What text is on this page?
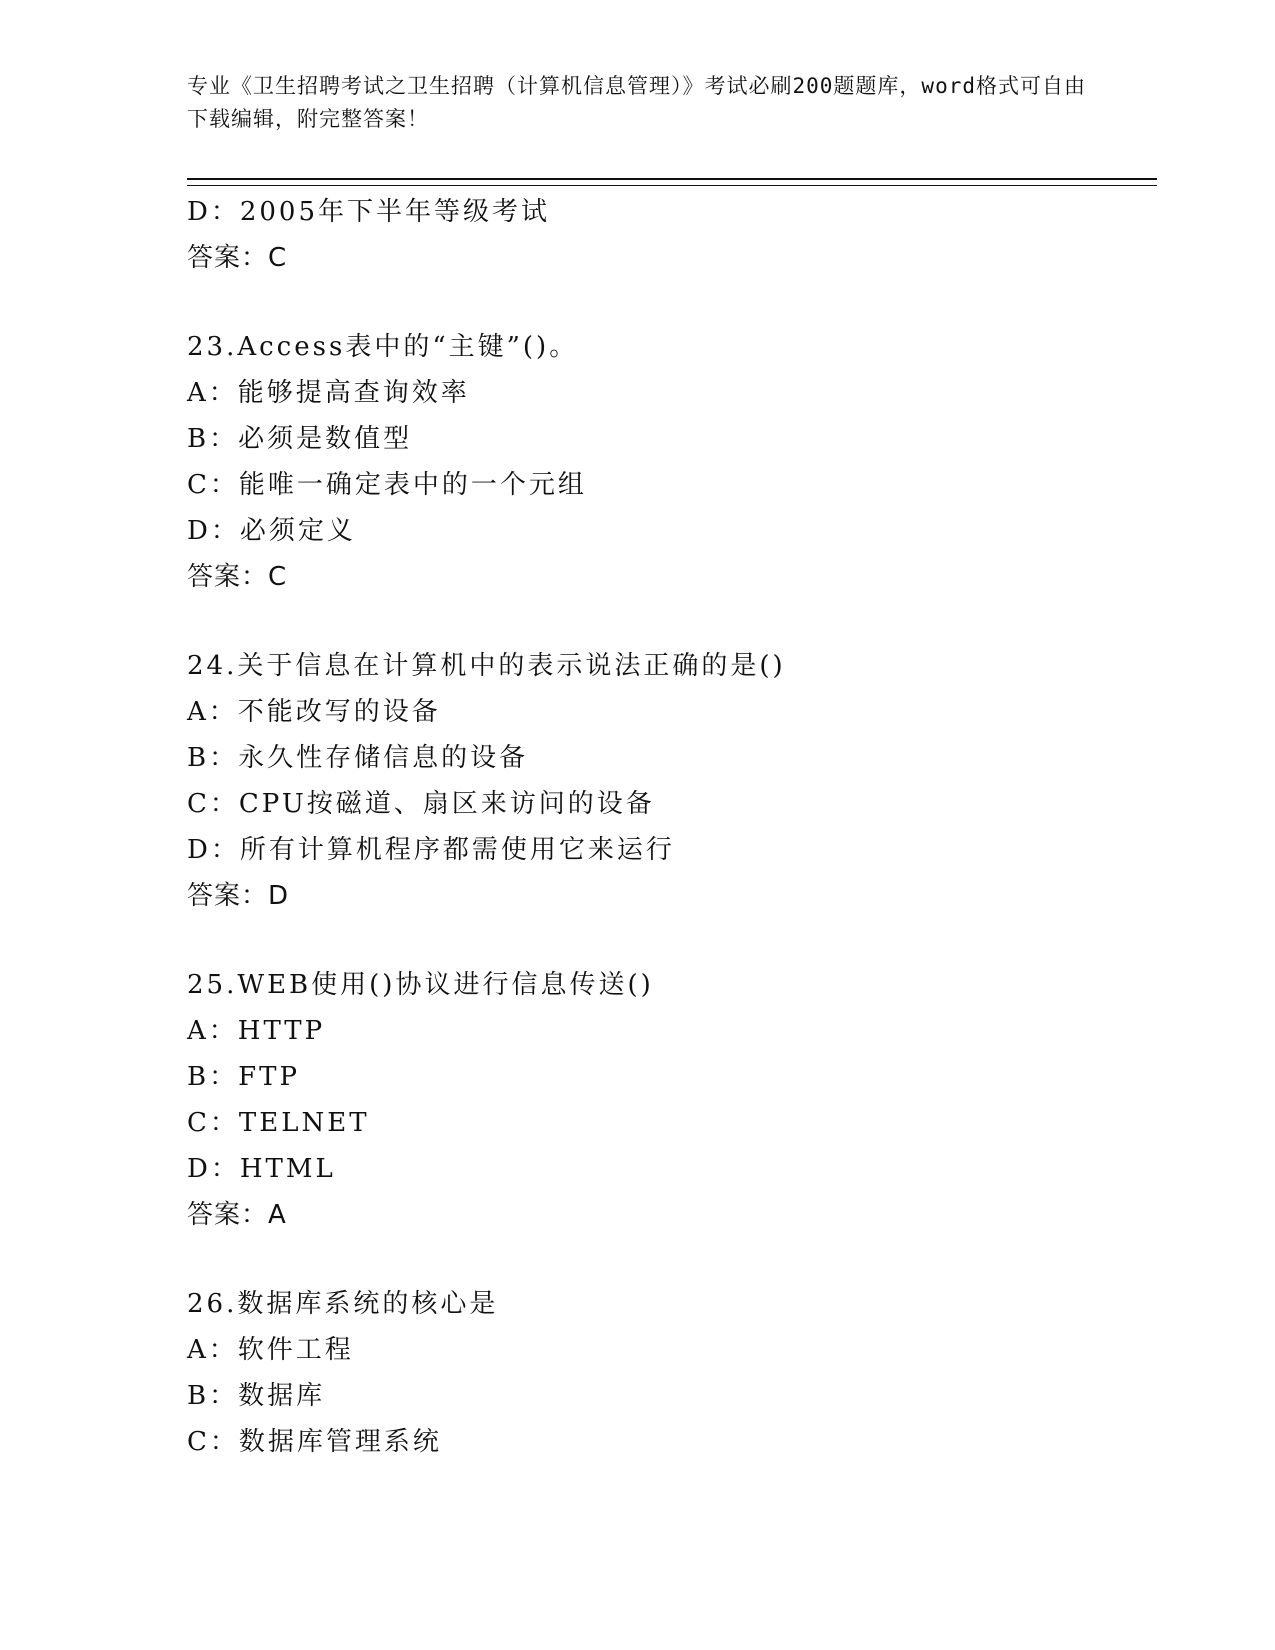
专业《卫生招聘考试之卫生招聘（计算机信息管理）》考试必刷200题题库，word格式可自由下载编辑，附完整答案！

D：2005年下半年等级考试
答案：C
23.Access表中的“主键”()。
A：能够提高查询效率
B：必须是数值型
C：能唯一确定表中的一个元组
D：必须定义
答案：C
24.关于信息在计算机中的表示说法正确的是()
A：不能改写的设备
B：永久性存储信息的设备
C：CPU按磁道、扇区来访问的设备
D：所有计算机程序都需使用它来运行
答案：D
25.WEB使用()协议进行信息传送()
A：HTTP
B：FTP
C：TELNET
D：HTML
答案：A
26.数据库系统的核心是
A：软件工程
B：数据库
C：数据库管理系统
